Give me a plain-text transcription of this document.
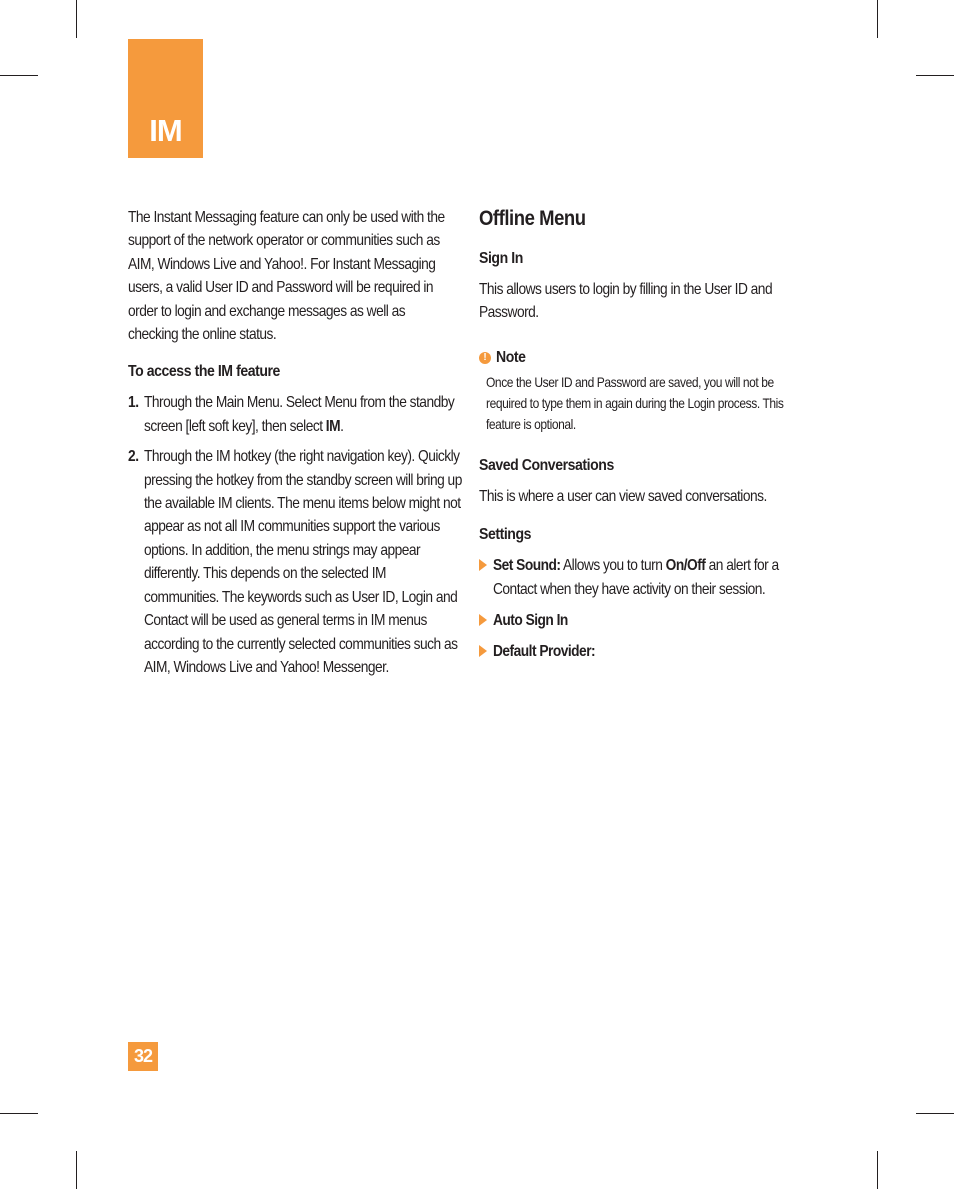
IM

The Instant Messaging feature can only be used with the support of the network operator or communities such as AIM, Windows Live and Yahoo!. For Instant Messaging users, a valid User ID and Password will be required in order to login and exchange messages as well as checking the online status.

To access the IM feature
1. Through the Main Menu. Select Menu from the standby screen [left soft key], then select IM.

2. Through the IM hotkey (the right navigation key). Quickly pressing the hotkey from the standby screen will bring up the available IM clients. The menu items below might not appear as not all IM communities support the various options. In addition, the menu strings may appear differently. This depends on the selected IM communities. The keywords such as User ID, Login and Contact will be used as general terms in IM menus according to the currently selected communities such as AIM, Windows Live and Yahoo! Messenger.

Offline Menu
Sign In

This allows users to login by filling in the User ID and Password.

! Note

Once the User ID and Password are saved, you will not be required to type them in again during the Login process. This feature is optional.

Saved Conversations

This is where a user can view saved conversations.

Settings

Set Sound: Allows you to turn On/Off an alert for a Contact when they have activity on their session.

Auto Sign In

Default Provider:

32
